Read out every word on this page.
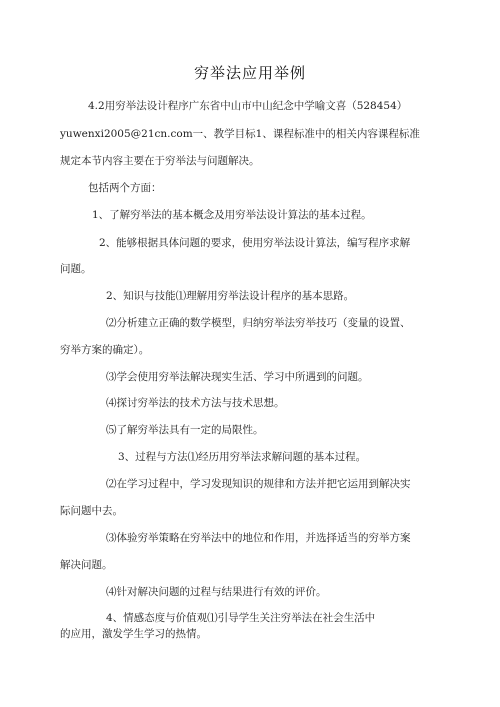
穷举法应用举例
4.2用穷举法设计程序广东省中山市中山纪念中学喻文喜（528454）
yuwenxi2005@21cn.com一、教学目标1、课程标准中的相关内容课程标准
规定本节内容主要在于穷举法与问题解决。
包括两个方面：
1、了解穷举法的基本概念及用穷举法设计算法的基本过程。
2、能够根据具体问题的要求，使用穷举法设计算法，编写程序求解
问题。
2、知识与技能⑴理解用穷举法设计程序的基本思路。
⑵分析建立正确的数学模型，归纳穷举法穷举技巧（变量的设置、
穷举方案的确定）。
⑶学会使用穷举法解决现实生活、学习中所遇到的问题。
⑷探讨穷举法的技术方法与技术思想。
⑸了解穷举法具有一定的局限性。
3、过程与方法⑴经历用穷举法求解问题的基本过程。
⑵在学习过程中，学习发现知识的规律和方法并把它运用到解决实
际问题中去。
⑶体验穷举策略在穷举法中的地位和作用，并选择适当的穷举方案
解决问题。
⑷针对解决问题的过程与结果进行有效的评价。
4、情感态度与价值观⑴引导学生关注穷举法在社会生活中
的应用，激发学生学习的热情。
